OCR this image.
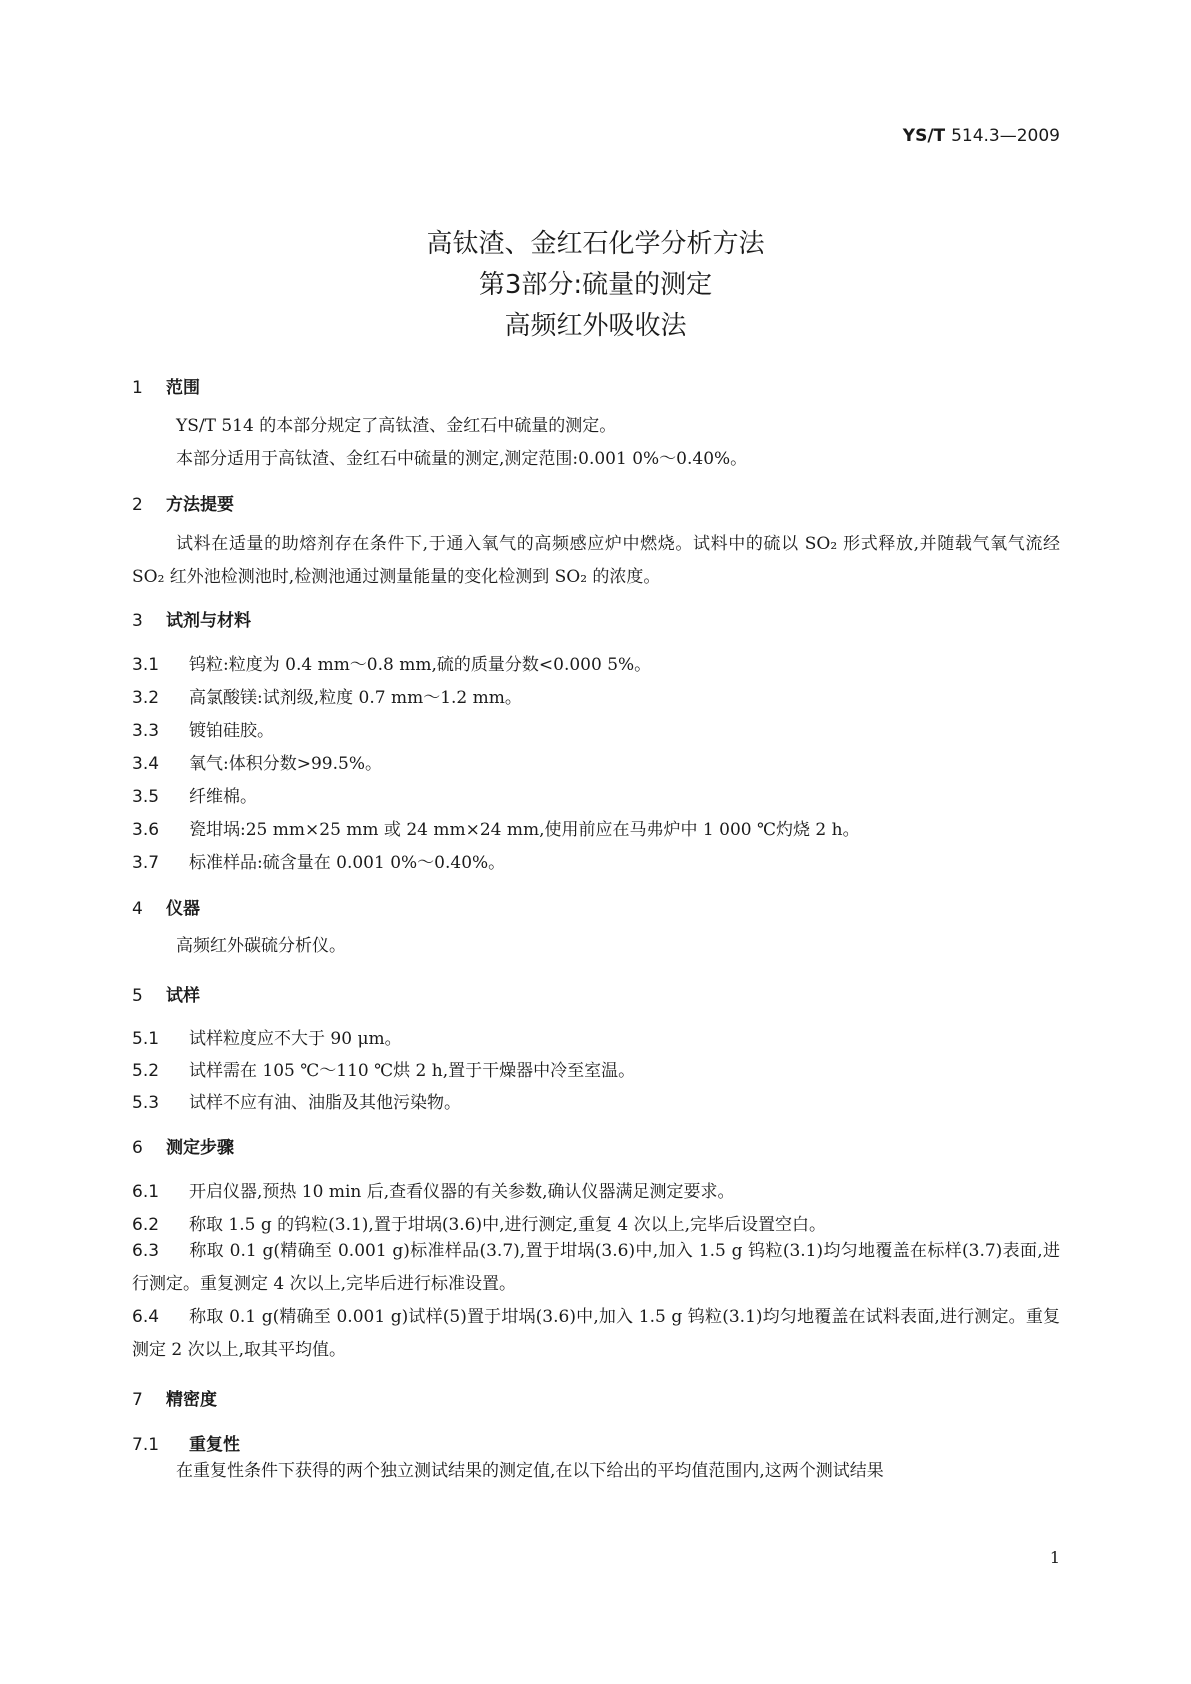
YS/T 514.3—2009
高钛渣、金红石化学分析方法
第3部分:硫量的测定
高频红外吸收法
1 范围
YS/T 514 的本部分规定了高钛渣、金红石中硫量的测定。
本部分适用于高钛渣、金红石中硫量的测定,测定范围:0.001 0%～0.40%。
2 方法提要
试料在适量的助熔剂存在条件下,于通入氧气的高频感应炉中燃烧。试料中的硫以 SO₂ 形式释放,并随载气氧气流经 SO₂ 红外池检测池时,检测池通过测量能量的变化检测到 SO₂ 的浓度。
3 试剂与材料
3.1 钨粒:粒度为 0.4 mm～0.8 mm,硫的质量分数<0.000 5%。
3.2 高氯酸镁:试剂级,粒度 0.7 mm～1.2 mm。
3.3 镀铂硅胶。
3.4 氧气:体积分数>99.5%。
3.5 纤维棉。
3.6 瓷坩埚:25 mm×25 mm 或 24 mm×24 mm,使用前应在马弗炉中 1 000 ℃灼烧 2 h。
3.7 标准样品:硫含量在 0.001 0%～0.40%。
4 仪器
高频红外碳硫分析仪。
5 试样
5.1 试样粒度应不大于 90 μm。
5.2 试样需在 105 ℃～110 ℃烘 2 h,置于干燥器中冷至室温。
5.3 试样不应有油、油脂及其他污染物。
6 测定步骤
6.1 开启仪器,预热 10 min 后,查看仪器的有关参数,确认仪器满足测定要求。
6.2 称取 1.5 g 的钨粒(3.1),置于坩埚(3.6)中,进行测定,重复 4 次以上,完毕后设置空白。
6.3 称取 0.1 g(精确至 0.001 g)标准样品(3.7),置于坩埚(3.6)中,加入 1.5 g 钨粒(3.1)均匀地覆盖在标样(3.7)表面,进行测定。重复测定 4 次以上,完毕后进行标准设置。
6.4 称取 0.1 g(精确至 0.001 g)试样(5)置于坩埚(3.6)中,加入 1.5 g 钨粒(3.1)均匀地覆盖在试料表面,进行测定。重复测定 2 次以上,取其平均值。
7 精密度
7.1 重复性
在重复性条件下获得的两个独立测试结果的测定值,在以下给出的平均值范围内,这两个测试结果
1
